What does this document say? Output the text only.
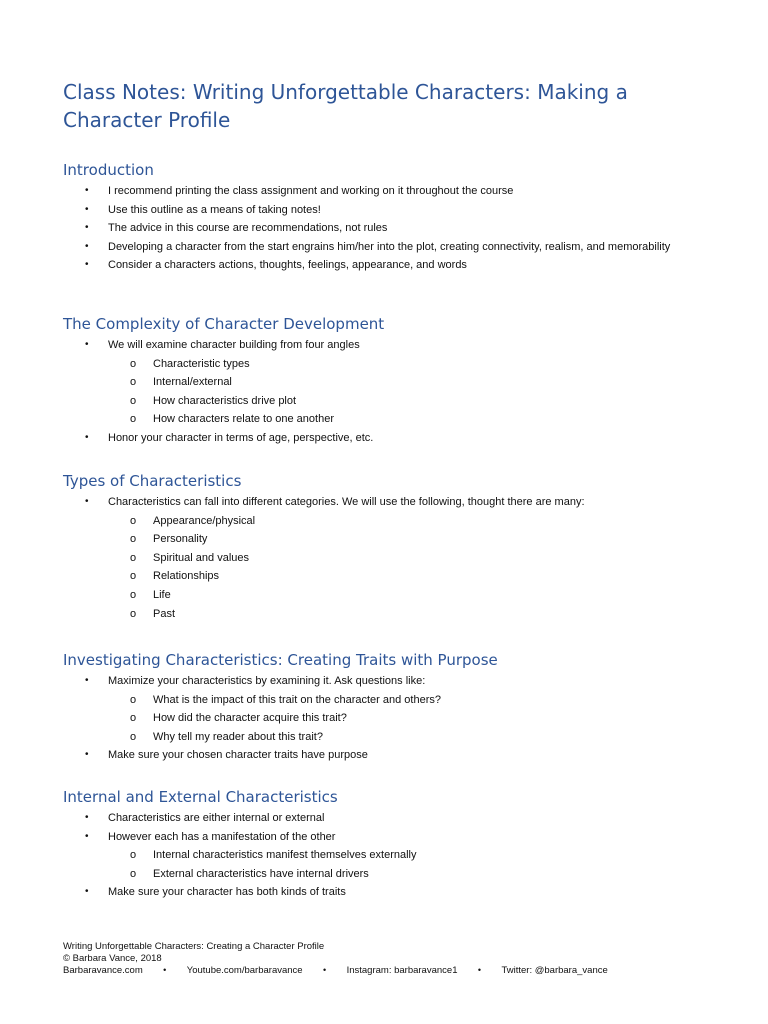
Class Notes: Writing Unforgettable Characters: Making a Character Profile
Introduction
• I recommend printing the class assignment and working on it throughout the course
• Use this outline as a means of taking notes!
• The advice in this course are recommendations, not rules
• Developing a character from the start engrains him/her into the plot, creating connectivity, realism, and memorability
• Consider a characters actions, thoughts, feelings, appearance, and words
The Complexity of Character Development
• We will examine character building from four angles
o Characteristic types
o Internal/external
o How characteristics drive plot
o How characters relate to one another
• Honor your character in terms of age, perspective, etc.
Types of Characteristics
• Characteristics can fall into different categories. We will use the following, thought there are many:
o Appearance/physical
o Personality
o Spiritual and values
o Relationships
o Life
o Past
Investigating Characteristics: Creating Traits with Purpose
• Maximize your characteristics by examining it. Ask questions like:
o What is the impact of this trait on the character and others?
o How did the character acquire this trait?
o Why tell my reader about this trait?
• Make sure your chosen character traits have purpose
Internal and External Characteristics
• Characteristics are either internal or external
• However each has a manifestation of the other
o Internal characteristics manifest themselves externally
o External characteristics have internal drivers
• Make sure your character has both kinds of traits
Writing Unforgettable Characters: Creating a Character Profile
© Barbara Vance, 2018
Barbaravance.com	•	Youtube.com/barbaravance	•	Instagram: barbaravance1	•	Twitter: @barbara_vance
